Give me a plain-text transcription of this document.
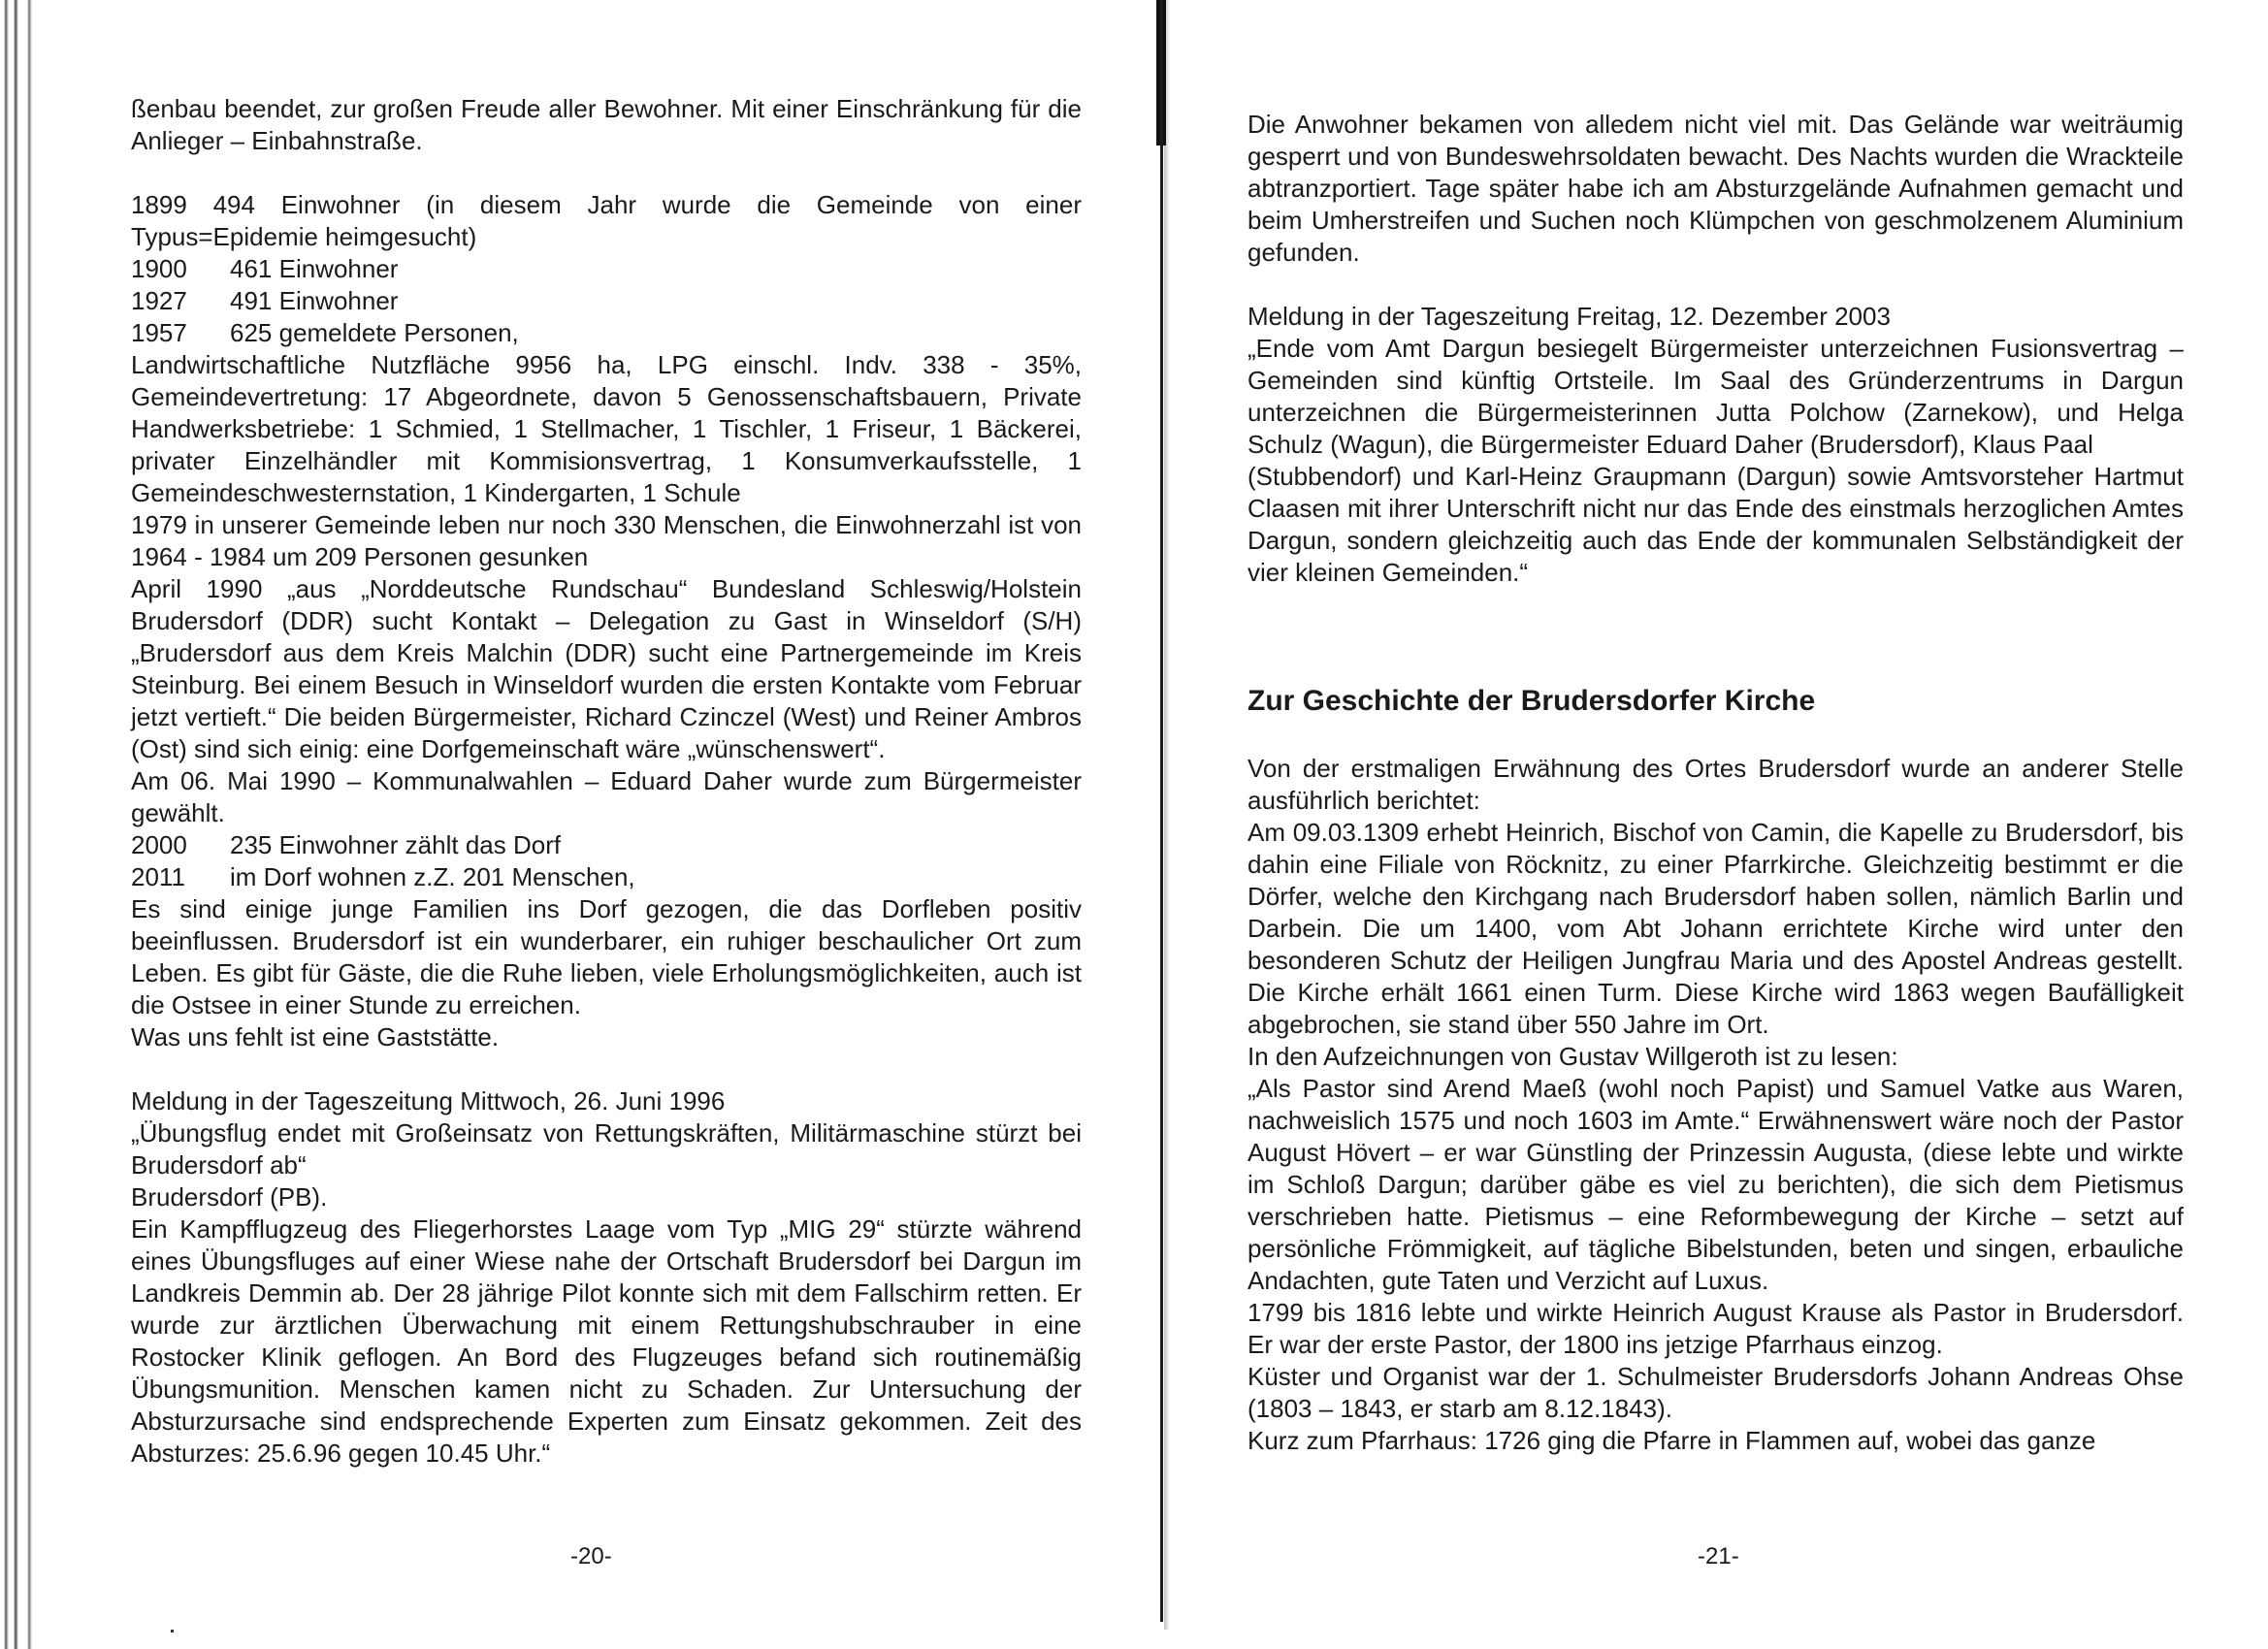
ßenbau beendet, zur großen Freude aller Bewohner. Mit einer Einschränkung für die Anlieger – Einbahnstraße.

1899 494 Einwohner (in diesem Jahr wurde die Gemeinde von einer Typus=Epidemie heimgesucht)

1900	461 Einwohner
1927	491 Einwohner
1957	625 gemeldete Personen,

Landwirtschaftliche Nutzfläche 9956 ha, LPG einschl. Indv. 338 - 35%, Gemeindevertretung: 17 Abgeordnete, davon 5 Genossenschaftsbauern, Private Handwerksbetriebe: 1 Schmied, 1 Stellmacher, 1 Tischler, 1 Friseur, 1 Bäckerei, privater Einzelhändler mit Kommisionsvertrag, 1 Konsumverkaufsstelle, 1 Gemeindeschwesternstation, 1 Kindergarten, 1 Schule

1979 in unserer Gemeinde leben nur noch 330 Menschen, die Einwohnerzahl ist von 1964 - 1984 um 209 Personen gesunken

April 1990 „aus „Norddeutsche Rundschau“ Bundesland Schleswig/Holstein Brudersdorf (DDR) sucht Kontakt – Delegation zu Gast in Winseldorf (S/H) „Brudersdorf aus dem Kreis Malchin (DDR) sucht eine Partnergemeinde im Kreis Steinburg. Bei einem Besuch in Winseldorf wurden die ersten Kontakte vom Februar jetzt vertieft.“ Die beiden Bürgermeister, Richard Czinczel (West) und Reiner Ambros (Ost) sind sich einig: eine Dorfgemeinschaft wäre „wünschenswert“.

Am 06. Mai 1990 – Kommunalwahlen – Eduard Daher wurde zum Bürgermeister gewählt.

2000	235 Einwohner zählt das Dorf
2011	im Dorf wohnen z.Z. 201 Menschen,

Es sind einige junge Familien ins Dorf gezogen, die das Dorfleben positiv beeinflussen. Brudersdorf ist ein wunderbarer, ein ruhiger beschaulicher Ort zum Leben. Es gibt für Gäste, die die Ruhe lieben, viele Erholungsmöglichkeiten, auch ist die Ostsee in einer Stunde zu erreichen.

Was uns fehlt ist eine Gaststätte.

Meldung in der Tageszeitung Mittwoch, 26. Juni 1996

„Übungsflug endet mit Großeinsatz von Rettungskräften, Militärmaschine stürzt bei Brudersdorf ab“

Brudersdorf (PB).

Ein Kampfflugzeug des Fliegerhorstes Laage vom Typ „MIG 29“ stürzte während eines Übungsfluges auf einer Wiese nahe der Ortschaft Brudersdorf bei Dargun im Landkreis Demmin ab. Der 28 jährige Pilot konnte sich mit dem Fallschirm retten. Er wurde zur ärztlichen Überwachung mit einem Rettungshubschrauber in eine Rostocker Klinik geflogen. An Bord des Flugzeuges befand sich routinemäßig Übungsmunition. Menschen kamen nicht zu Schaden. Zur Untersuchung der Absturzursache sind endsprechende Experten zum Einsatz gekommen. Zeit des Absturzes: 25.6.96 gegen 10.45 Uhr.“

-20-

Die Anwohner bekamen von alledem nicht viel mit. Das Gelände war weiträumig gesperrt und von Bundeswehrsoldaten bewacht. Des Nachts wurden die Wrackteile abtranzportiert. Tage später habe ich am Absturzgelände Aufnahmen gemacht und beim Umherstreifen und Suchen noch Klümpchen von geschmolzenem Aluminium gefunden.

Meldung in der Tageszeitung Freitag, 12. Dezember 2003

„Ende vom Amt Dargun besiegelt Bürgermeister unterzeichnen Fusionsvertrag – Gemeinden sind künftig Ortsteile. Im Saal des Gründerzentrums in Dargun unterzeichnen die Bürgermeisterinnen Jutta Polchow (Zarnekow), und Helga Schulz (Wagun), die Bürgermeister Eduard Daher (Brudersdorf), Klaus Paal

(Stubbendorf) und Karl-Heinz Graupmann (Dargun) sowie Amtsvorsteher Hartmut Claasen mit ihrer Unterschrift nicht nur das Ende des einstmals herzoglichen Amtes Dargun, sondern gleichzeitig auch das Ende der kommunalen Selbständigkeit der vier kleinen Gemeinden.“

Zur Geschichte der Brudersdorfer Kirche

Von der erstmaligen Erwähnung des Ortes Brudersdorf wurde an anderer Stelle ausführlich berichtet:

Am 09.03.1309 erhebt Heinrich, Bischof von Camin, die Kapelle zu Brudersdorf, bis dahin eine Filiale von Röcknitz, zu einer Pfarrkirche. Gleichzeitig bestimmt er die Dörfer, welche den Kirchgang nach Brudersdorf haben sollen, nämlich Barlin und Darbein. Die um 1400, vom Abt Johann errichtete Kirche wird unter den besonderen Schutz der Heiligen Jungfrau Maria und des Apostel Andreas gestellt. Die Kirche erhält 1661 einen Turm. Diese Kirche wird 1863 wegen Baufälligkeit abgebrochen, sie stand über 550 Jahre im Ort.

In den Aufzeichnungen von Gustav Willgeroth ist zu lesen:

„Als Pastor sind Arend Maeß (wohl noch Papist) und Samuel Vatke aus Waren, nachweislich 1575 und noch 1603 im Amte.“ Erwähnenswert wäre noch der Pastor August Hövert – er war Günstling der Prinzessin Augusta, (diese lebte und wirkte im Schloß Dargun; darüber gäbe es viel zu berichten), die sich dem Pietismus verschrieben hatte. Pietismus – eine Reformbewegung der Kirche – setzt auf persönliche Frömmigkeit, auf tägliche Bibelstunden, beten und singen, erbauliche Andachten, gute Taten und Verzicht auf Luxus.

1799 bis 1816 lebte und wirkte Heinrich August Krause als Pastor in Brudersdorf. Er war der erste Pastor, der 1800 ins jetzige Pfarrhaus einzog.

Küster und Organist war der 1. Schulmeister Brudersdorfs Johann Andreas Ohse (1803 – 1843, er starb am 8.12.1843).

Kurz zum Pfarrhaus: 1726 ging die Pfarre in Flammen auf, wobei das ganze

-21-
